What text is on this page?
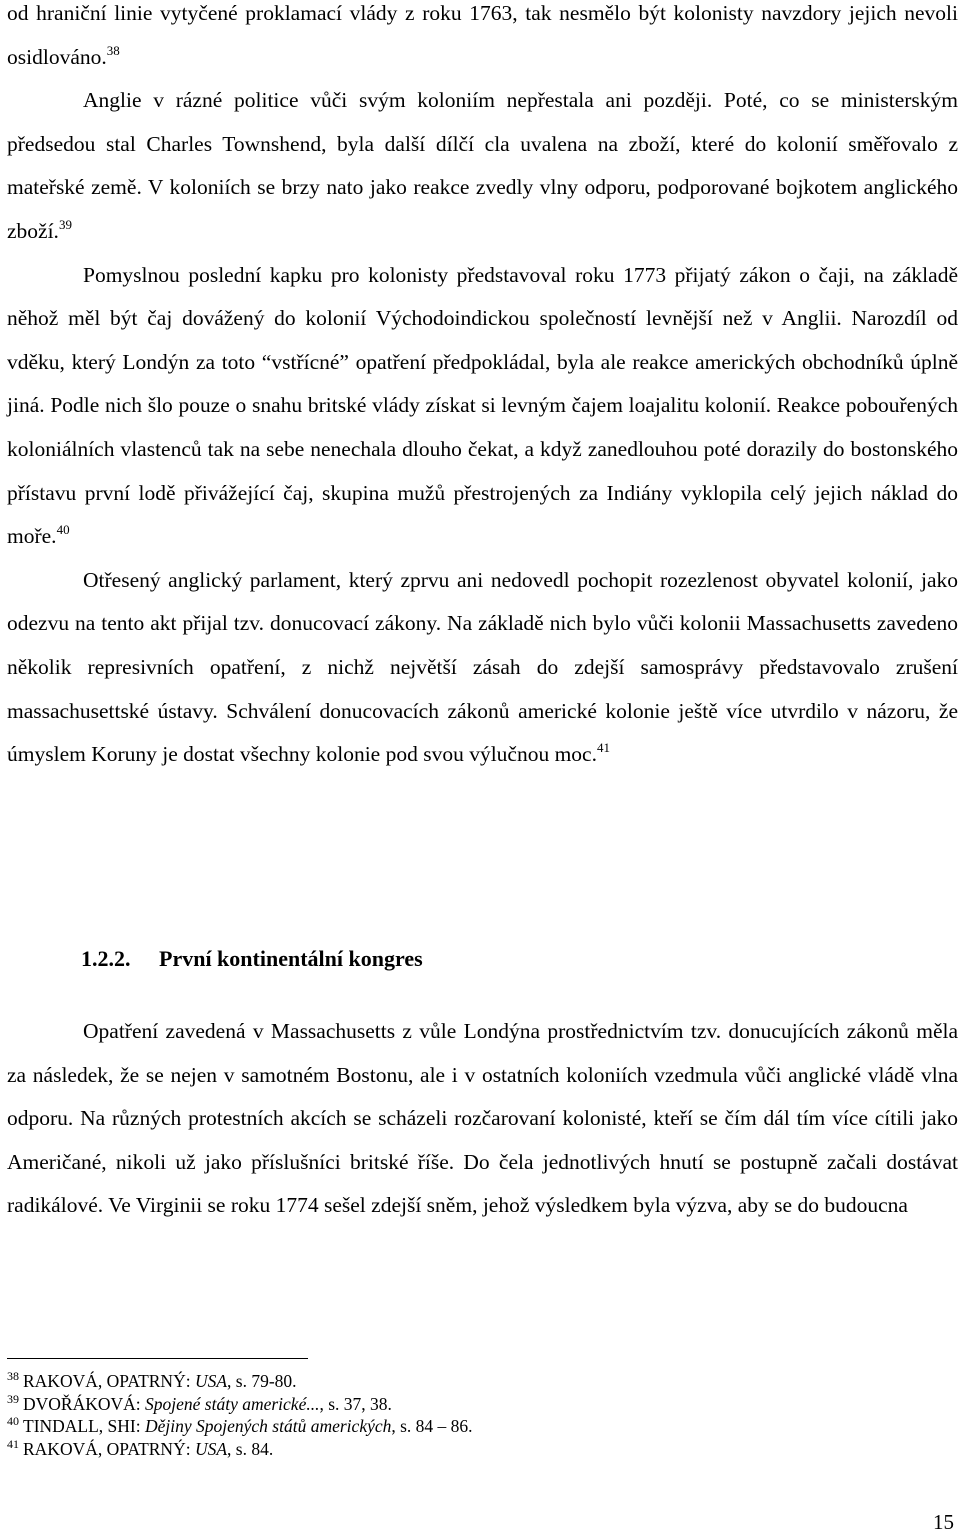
od hraniční linie vytyčené proklamací vlády z roku 1763, tak nesmělo být kolonisty navzdory jejich nevoli osidlováno.$^{38}$

Anglie v rázné politice vůči svým koloniím nepřestala ani později. Poté, co se ministerským předsedou stal Charles Townshend, byla další dílčí cla uvalena na zboží, které do kolonií směřovalo z mateřské země. V koloniích se brzy nato jako reakce zvedly vlny odporu, podporované bojkotem anglického zboží.$^{39}$

Pomyslnou poslední kapku pro kolonisty představoval roku 1773 přijatý zákon o čaji, na základě něhož měl být čaj dovážený do kolonií Východoindickou společností levnější než v Anglii. Narozdíl od vděku, který Londýn za toto “vstřícné” opatření předpokládal, byla ale reakce amerických obchodníků úplně jiná. Podle nich šlo pouze o snahu britské vlády získat si levným čajem loajalitu kolonií. Reakce pobouřených koloniálních vlastenců tak na sebe nenechala dlouho čekat, a když zanedlouhou poté dorazily do bostonského přístavu první lodě přivážející čaj, skupina mužů přestrojených za Indiány vyklopila celý jejich náklad do moře.$^{40}$

Otřesený anglický parlament, který zprvu ani nedovedl pochopit rozezlenost obyvatel kolonií, jako odezvu na tento akt přijal tzv. donucovací zákony. Na základě nich bylo vůči kolonii Massachusetts zavedeno několik represivních opatření, z nichž největší zásah do zdejší samosprávy představovalo zrušení massachusettské ústavy. Schválení donucovacích zákonů americké kolonie ještě více utvrdilo v názoru, že úmyslem Koruny je dostat všechny kolonie pod svou výlučnou moc.$^{41}$

1.2.2. První kontinentální kongres

Opatření zavedená v Massachusetts z vůle Londýna prostřednictvím tzv. donucujících zákonů měla za následek, že se nejen v samotném Bostonu, ale i v ostatních koloniích vzedmula vůči anglické vládě vlna odporu. Na různých protestních akcích se scházeli rozčarovaní kolonisté, kteří se čím dál tím více cítili jako Američané, nikoli už jako příslušníci britské říše. Do čela jednotlivých hnutí se postupně začali dostávat radikálové. Ve Virginii se roku 1774 sešel zdejší sněm, jehož výsledkem byla výzva, aby se do budoucna

$^{38}$ RAKOVÁ, OPATRNÝ: USA, s. 79-80.
$^{39}$ DVOŘÁKOVÁ: Spojené státy americké..., s. 37, 38.
$^{40}$ TINDALL, SHI: Dějiny Spojených států amerických, s. 84 – 86.
$^{41}$ RAKOVÁ, OPATRNÝ: USA, s. 84.
15
